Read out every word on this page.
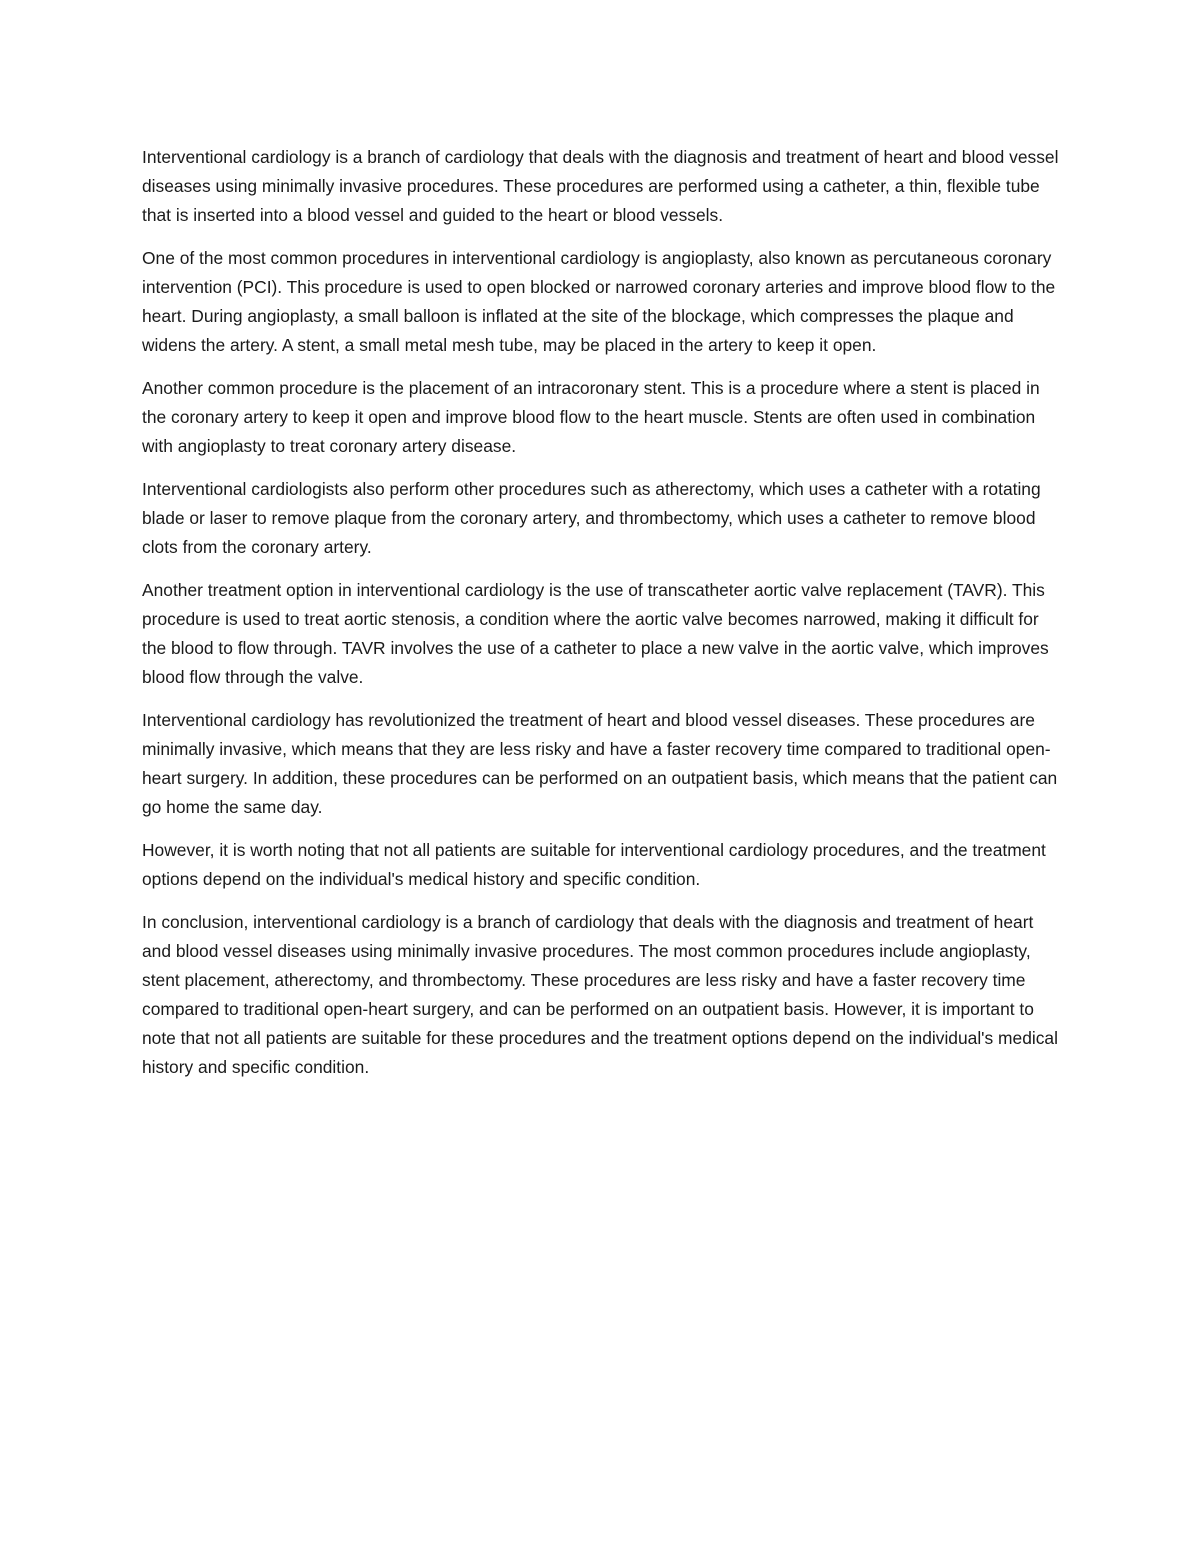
Interventional cardiology is a branch of cardiology that deals with the diagnosis and treatment of heart and blood vessel diseases using minimally invasive procedures. These procedures are performed using a catheter, a thin, flexible tube that is inserted into a blood vessel and guided to the heart or blood vessels.

One of the most common procedures in interventional cardiology is angioplasty, also known as percutaneous coronary intervention (PCI). This procedure is used to open blocked or narrowed coronary arteries and improve blood flow to the heart. During angioplasty, a small balloon is inflated at the site of the blockage, which compresses the plaque and widens the artery. A stent, a small metal mesh tube, may be placed in the artery to keep it open.

Another common procedure is the placement of an intracoronary stent. This is a procedure where a stent is placed in the coronary artery to keep it open and improve blood flow to the heart muscle. Stents are often used in combination with angioplasty to treat coronary artery disease.

Interventional cardiologists also perform other procedures such as atherectomy, which uses a catheter with a rotating blade or laser to remove plaque from the coronary artery, and thrombectomy, which uses a catheter to remove blood clots from the coronary artery.

Another treatment option in interventional cardiology is the use of transcatheter aortic valve replacement (TAVR). This procedure is used to treat aortic stenosis, a condition where the aortic valve becomes narrowed, making it difficult for the blood to flow through. TAVR involves the use of a catheter to place a new valve in the aortic valve, which improves blood flow through the valve.

Interventional cardiology has revolutionized the treatment of heart and blood vessel diseases. These procedures are minimally invasive, which means that they are less risky and have a faster recovery time compared to traditional open-heart surgery. In addition, these procedures can be performed on an outpatient basis, which means that the patient can go home the same day.

However, it is worth noting that not all patients are suitable for interventional cardiology procedures, and the treatment options depend on the individual's medical history and specific condition.

In conclusion, interventional cardiology is a branch of cardiology that deals with the diagnosis and treatment of heart and blood vessel diseases using minimally invasive procedures. The most common procedures include angioplasty, stent placement, atherectomy, and thrombectomy. These procedures are less risky and have a faster recovery time compared to traditional open-heart surgery, and can be performed on an outpatient basis. However, it is important to note that not all patients are suitable for these procedures and the treatment options depend on the individual's medical history and specific condition.
